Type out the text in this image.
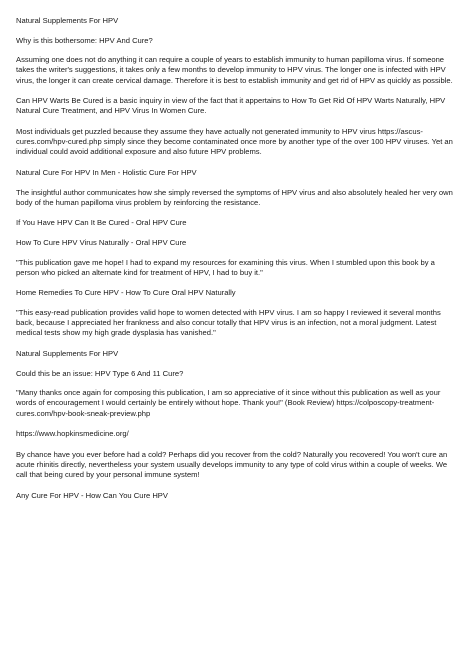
Natural Supplements For HPV

Why is this bothersome: HPV And Cure?

Assuming one does not do anything it can require a couple of years to establish immunity to human papilloma virus. If someone takes the writer's suggestions, it takes only a few months to develop immunity to HPV virus. The longer one is infected with HPV virus, the longer it can create cervical damage. Therefore it is best to establish immunity and get rid of HPV as quickly as possible.

Can HPV Warts Be Cured is a basic inquiry in view of the fact that it appertains to How To Get Rid Of HPV Warts Naturally, HPV Natural Cure Treatment, and HPV Virus In Women Cure.

Most individuals get puzzled because they assume they have actually not generated immunity to HPV virus https://ascus-cures.com/hpv-cured.php simply since they become contaminated once more by another type of the over 100 HPV viruses. Yet an individual could avoid additional exposure and also future HPV problems.

Natural Cure For HPV In Men - Holistic Cure For HPV

The insightful author communicates how she simply reversed the symptoms of HPV virus and also absolutely healed her very own body of the human papilloma virus problem by reinforcing the resistance.

If You Have HPV Can It Be Cured - Oral HPV Cure

How To Cure HPV Virus Naturally - Oral HPV Cure

"This publication gave me hope! I had to expand my resources for examining this virus. When I stumbled upon this book by a person who picked an alternate kind for treatment of HPV, I had to buy it."

Home Remedies To Cure HPV - How To Cure Oral HPV Naturally

"This easy-read publication provides valid hope to women detected with HPV virus. I am so happy I reviewed it several months back, because I appreciated her frankness and also concur totally that HPV virus is an infection, not a moral judgment. Latest medical tests show my high grade dysplasia has vanished."

Natural Supplements For HPV

Could this be an issue: HPV Type 6 And 11 Cure?

"Many thanks once again for composing this publication, I am so appreciative of it since without this publication as well as your words of encouragement I would certainly be entirely without hope. Thank you!" (Book Review) https://colposcopy-treatment-cures.com/hpv-book-sneak-preview.php

https://www.hopkinsmedicine.org/

By chance have you ever before had a cold? Perhaps did you recover from the cold? Naturally you recovered! You won't cure an acute rhinitis directly, nevertheless your system usually develops immunity to any type of cold virus within a couple of weeks. We call that being cured by your personal immune system!

Any Cure For HPV - How Can You Cure HPV
